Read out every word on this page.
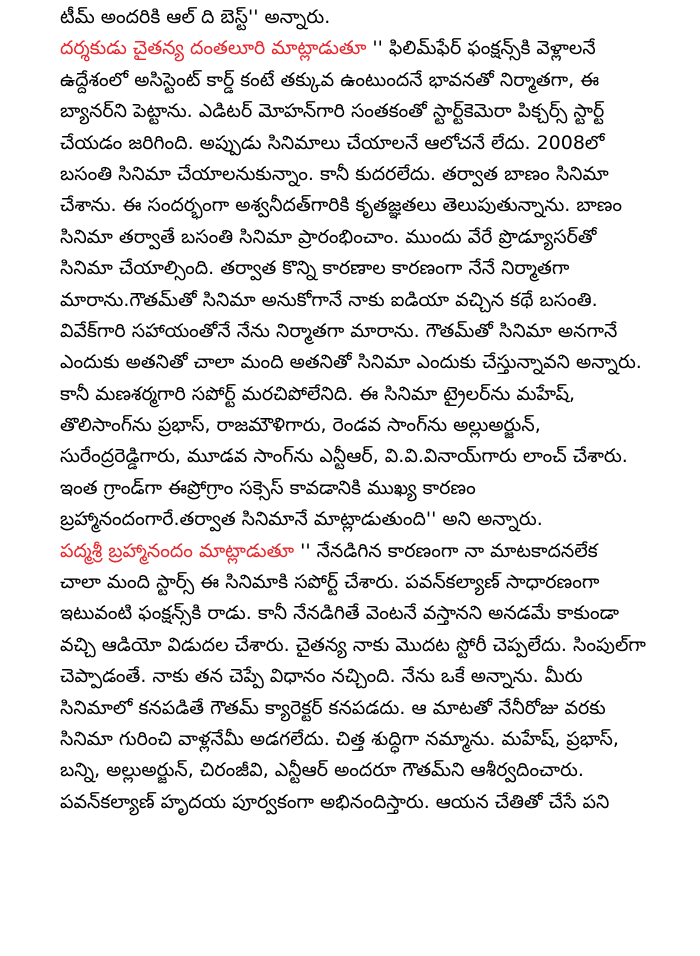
టీమ్ అందరికి ఆల్ ది బెస్ట్'' అన్నారు.
దర్శకుడు చైతన్య దంతలూరి మాట్లాడుతూ '' ఫిలిమ్‌ఫేర్ ఫంక్షన్స్‌కి వెళ్లాలనే
ఉద్దేశంలో అసిస్టెంట్ కార్డ్ కంటే తక్కువ ఉంటుందనే భావనతో నిర్మాతగా, ఈ
బ్యానర్‌ని పెట్టాను. ఎడిటర్ మోహన్‌గారి సంతకంతో స్టార్ట్‌కెమెరా పిక్చర్స్ స్టార్ట్
చేయడం జరిగింది. అప్పుడు సినిమాలు చేయాలనే ఆలోచనే లేదు. 2008లో
బసంతి సినిమా చేయాలనుకున్నాం. కానీ కుదరలేదు. తర్వాత బాణం సినిమా
చేశాను. ఈ సందర్భంగా అశ్వనీదత్‌గారికి కృతజ్ఞతలు తెలుపుతున్నాను. బాణం
సినిమా తర్వాతే బసంతి సినిమా ప్రారంభించాం. ముందు వేరే ప్రొడ్యూసర్‌తో
సినిమా చేయాల్సింది. తర్వాత కొన్ని కారణాల కారణంగా నేనే నిర్మాతగా
మారాను.గౌతమ్‌తో సినిమా అనుకోగానే నాకు ఐడియా వచ్చిన కథే బసంతి.
వివేక్‌గారి సహాయంతోనే నేను నిర్మాతగా మారాను. గౌతమ్‌తో సినిమా అనగానే
ఎందుకు అతనితో చాలా మంది అతనితో సినిమా ఎందుకు చేస్తున్నావని అన్నారు.
కానీ మణశర్మగారి సపోర్ట్ మరచిపోలేనిది. ఈ సినిమా ట్రైలర్‌ను మహేష్,
తొలిసాంగ్‌ను ప్రభాస్, రాజమౌళిగారు, రెండవ సాంగ్‌ను అల్లుఅర్జున్,
సురేంద్రరెడ్డిగారు, మూడవ సాంగ్‌ను ఎన్టీఆర్, వి.వి.వినాయ్‌గారు లాంచ్ చేశారు.
ఇంత గ్రాండ్‌గా ఈప్రోగ్రాం సక్సెస్ కావడానికి ముఖ్య కారణం
బ్రహ్మానందంగారే.తర్వాత సినిమానే మాట్లాడుతుంది'' అని అన్నారు.
పద్మశ్రీ బ్రహ్మానందం మాట్లాడుతూ '' నేనడిగిన కారణంగా నా మాటకాదనలేక
చాలా మంది స్టార్స్ ఈ సినిమాకి సపోర్ట్ చేశారు. పవన్‌కల్యాణ్ సాధారణంగా
ఇటువంటి ఫంక్షన్స్‌కి రాడు. కానీ నేనడిగితే వెంటనే వస్తానని అనడమే కాకుండా
వచ్చి ఆడియో విడుదల చేశారు. చైతన్య నాకు మొదట స్టోరీ చెప్పలేదు. సింపుల్‌గా
చెప్పాడంతే. నాకు తన చెప్పే విధానం నచ్చింది. నేను ఒకే అన్నాను. మీరు
సినిమాలో కనపడితే గౌతమ్ క్యారెక్టర్ కనపడదు. ఆ మాటతో నేనీరోజు వరకు
సినిమా గురించి వాళ్లనేమీ అడగలేదు. చిత్త శుద్ధిగా నమ్మాను. మహేష్, ప్రభాస్,
బన్ని, అల్లుఅర్జున్, చిరంజీవి, ఎన్టీఆర్ అందరూ గౌతమ్‌ని ఆశీర్వదించారు.
పవన్‌కల్యాణ్ హృదయ పూర్వకంగా అభినందిస్తారు. ఆయన చేతితో చేసే పని
